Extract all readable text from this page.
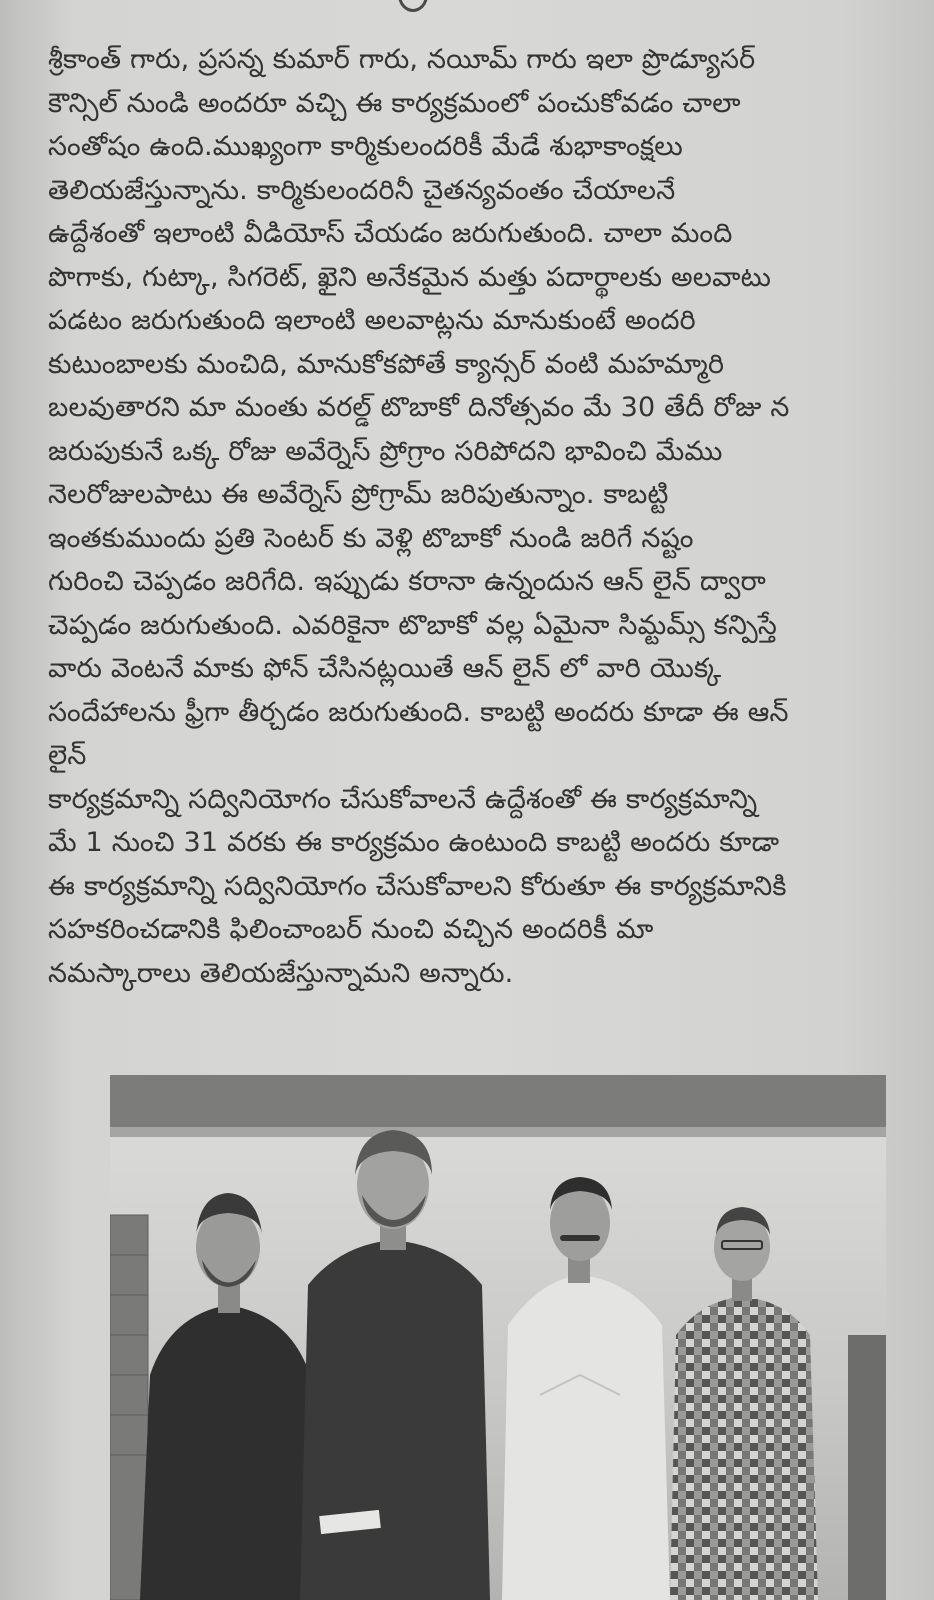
శ్రీకాంత్ గారు, ప్రసన్న కుమార్ గారు, నయీమ్ గారు ఇలా ప్రొడ్యూసర్
కౌన్సిల్ నుండి అందరూ వచ్చి ఈ కార్యక్రమంలో పంచుకోవడం చాలా
సంతోషం ఉంది.ముఖ్యంగా కార్మికులందరికీ మేడే శుభాకాంక్షలు
తెలియజేస్తున్నాను. కార్మికులందరినీ చైతన్యవంతం చేయాలనే
ఉద్దేశంతో ఇలాంటి వీడియోస్ చేయడం జరుగుతుంది. చాలా మంది
పొగాకు, గుట్కా, సిగరెట్, ఖైని అనేకమైన మత్తు పదార్థాలకు అలవాటు
పడటం జరుగుతుంది ఇలాంటి అలవాట్లను మానుకుంటే అందరి
కుటుంబాలకు మంచిది, మానుకోకపోతే క్యాన్సర్ వంటి మహమ్మారి
బలవుతారని మా మంతు వరల్డ్ టొబాకో దినోత్సవం మే 30 తేదీ రోజు న
జరుపుకునే ఒక్క రోజు అవేర్నెస్ ప్రోగ్రాం సరిపోదని భావించి మేము
నెలరోజులపాటు ఈ అవేర్నెస్ ప్రోగ్రామ్ జరిపుతున్నాం. కాబట్టి
ఇంతకుముందు ప్రతి సెంటర్ కు వెళ్లి టొబాకో నుండి జరిగే నష్టం
గురించి చెప్పడం జరిగేది. ఇప్పుడు కరానా ఉన్నందున ఆన్ లైన్ ద్వారా
చెప్పడం జరుగుతుంది. ఎవరికైనా టొబాకో వల్ల ఏమైనా సిమ్టమ్స్ కన్పిస్తే
వారు వెంటనే మాకు ఫోన్ చేసినట్లయితే ఆన్ లైన్ లో వారి యొక్క
సందేహాలను ఫ్రీగా తీర్చడం జరుగుతుంది. కాబట్టి అందరు కూడా ఈ ఆన్
లైన్
కార్యక్రమాన్ని సద్వినియోగం చేసుకోవాలనే ఉద్దేశంతో ఈ కార్యక్రమాన్ని
మే 1 నుంచి 31 వరకు ఈ కార్యక్రమం ఉంటుంది కాబట్టి అందరు కూడా
ఈ కార్యక్రమాన్ని సద్వినియోగం చేసుకోవాలని కోరుతూ ఈ కార్యక్రమానికి
సహకరించడానికి ఫిలించాంబర్ నుంచి వచ్చిన అందరికీ మా
నమస్కారాలు తెలియజేస్తున్నామని అన్నారు.
